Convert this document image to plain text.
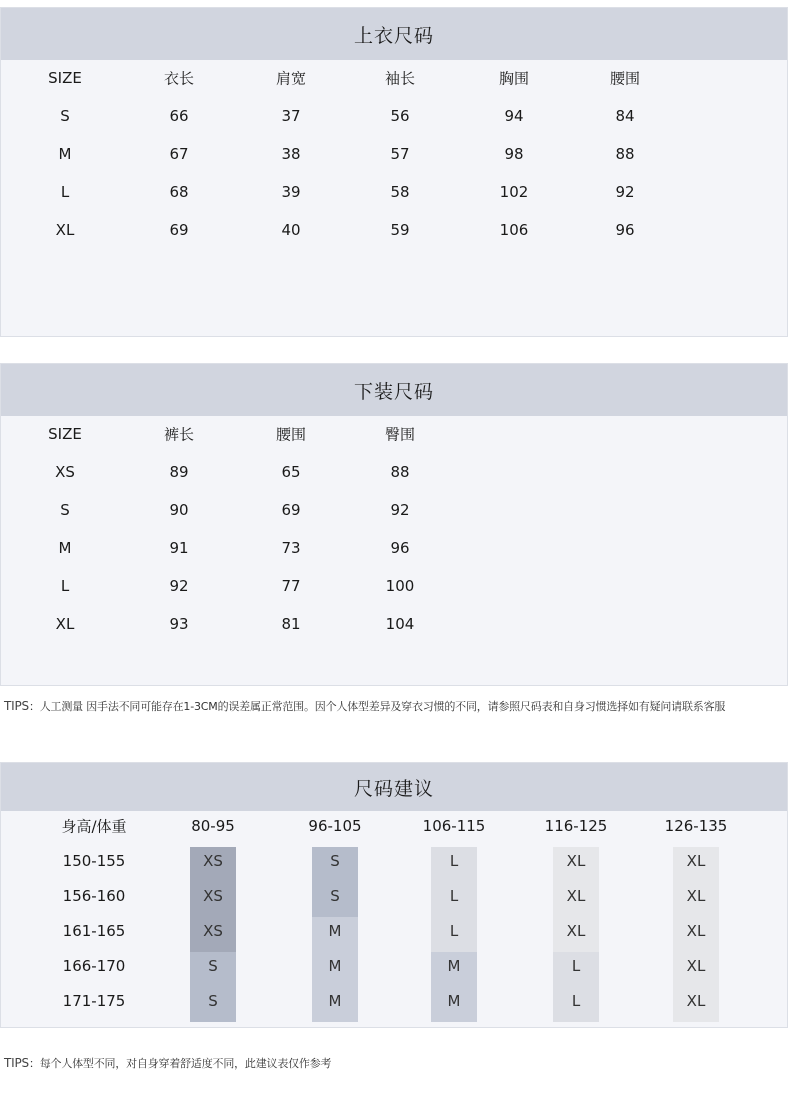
上衣尺码
SIZE	衣长	肩宽	袖长	胸围	腰围
S	66	37	56	94	84
M	67	38	57	98	88
L	68	39	58	102	92
XL	69	40	59	106	96
下装尺码
SIZE	裤长	腰围	臀围
XS	89	65	88
S	90	69	92
M	91	73	96
L	92	77	100
XL	93	81	104
TIPS：人工测量 因手法不同可能存在1-3CM的误差属正常范围。因个人体型差异及穿衣习惯的不同，请参照尺码表和自身习惯选择如有疑问请联系客服
尺码建议
身高/体重	80-95	96-105	106-115	116-125	126-135
150-155	XS	S	L	XL	XL
156-160	XS	S	L	XL	XL
161-165	XS	M	L	XL	XL
166-170	S	M	M	L	XL
171-175	S	M	M	L	XL
TIPS：每个人体型不同，对自身穿着舒适度不同，此建议表仅作参考
